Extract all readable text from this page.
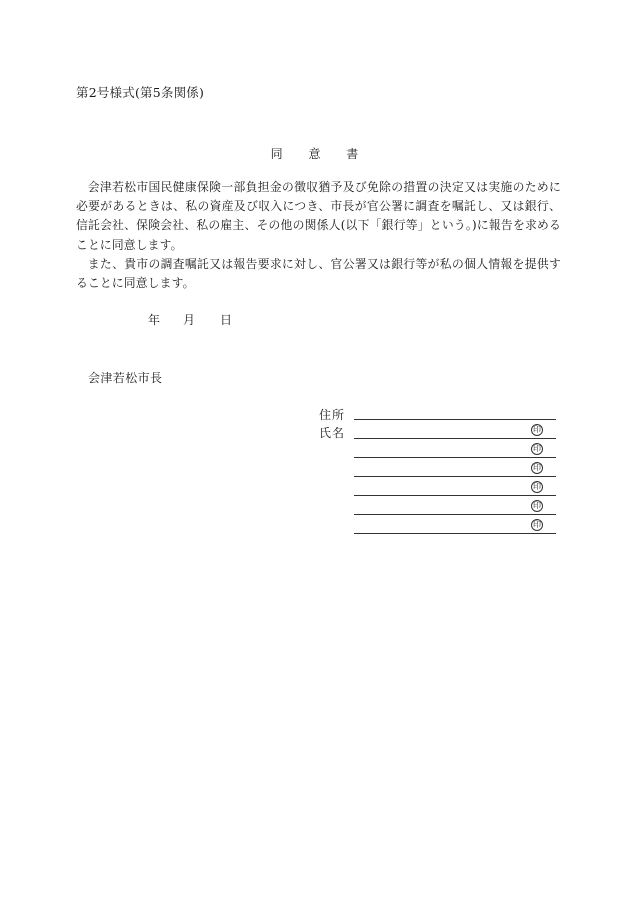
第2号様式(第5条関係)
同 意 書

会津若松市国民健康保険一部負担金の徴収猶予及び免除の措置の決定又は実施のために必要があるときは、私の資産及び収入につき、市長が官公署に調査を嘱託し、又は銀行、信託会社、保険会社、私の雇主、その他の関係人(以下「銀行等」という。)に報告を求めることに同意します。

また、貴市の調査嘱託又は報告要求に対し、官公署又は銀行等が私の個人情報を提供することに同意します。

年 月 日
会津若松市長
住所
氏名	印
印
印
印
印
印
